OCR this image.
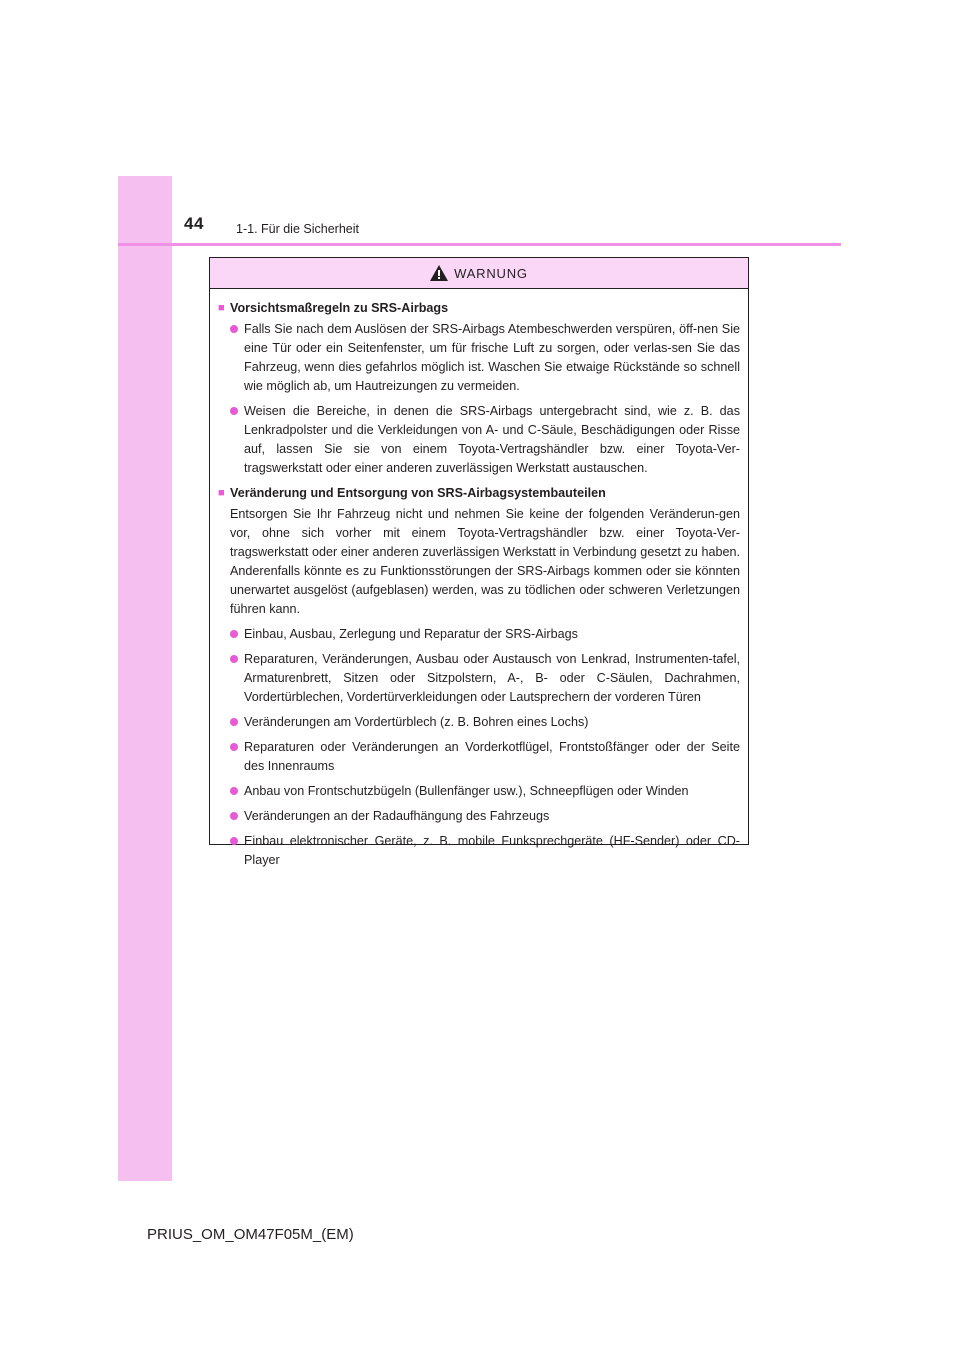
44	1-1. Für die Sicherheit
WARNUNG
■ Vorsichtsmaßregeln zu SRS-Airbags
Falls Sie nach dem Auslösen der SRS-Airbags Atembeschwerden verspüren, öff-nen Sie eine Tür oder ein Seitenfenster, um für frische Luft zu sorgen, oder verlas-sen Sie das Fahrzeug, wenn dies gefahrlos möglich ist. Waschen Sie etwaige Rückstände so schnell wie möglich ab, um Hautreizungen zu vermeiden.
Weisen die Bereiche, in denen die SRS-Airbags untergebracht sind, wie z. B. das Lenkradpolster und die Verkleidungen von A- und C-Säule, Beschädigungen oder Risse auf, lassen Sie sie von einem Toyota-Vertragshändler bzw. einer Toyota-Ver-tragswerkstatt oder einer anderen zuverlässigen Werkstatt austauschen.
■ Veränderung und Entsorgung von SRS-Airbagsystembauteilen
Entsorgen Sie Ihr Fahrzeug nicht und nehmen Sie keine der folgenden Veränderun-gen vor, ohne sich vorher mit einem Toyota-Vertragshändler bzw. einer Toyota-Ver-tragswerkstatt oder einer anderen zuverlässigen Werkstatt in Verbindung gesetzt zu haben. Anderenfalls könnte es zu Funktionsstörungen der SRS-Airbags kommen oder sie könnten unerwartet ausgelöst (aufgeblasen) werden, was zu tödlichen oder schweren Verletzungen führen kann.
Einbau, Ausbau, Zerlegung und Reparatur der SRS-Airbags
Reparaturen, Veränderungen, Ausbau oder Austausch von Lenkrad, Instrumenten-tafel, Armaturenbrett, Sitzen oder Sitzpolstern, A-, B- oder C-Säulen, Dachrahmen, Vordertürblechen, Vordertürverkleidungen oder Lautsprechern der vorderen Türen
Veränderungen am Vordertürblech (z. B. Bohren eines Lochs)
Reparaturen oder Veränderungen an Vorderkotflügel, Frontstoßfänger oder der Seite des Innenraums
Anbau von Frontschutzbügeln (Bullenfänger usw.), Schneepflügen oder Winden
Veränderungen an der Radaufhängung des Fahrzeugs
Einbau elektronischer Geräte, z. B. mobile Funksprechgeräte (HF-Sender) oder CD-Player
PRIUS_OM_OM47F05M_(EM)
